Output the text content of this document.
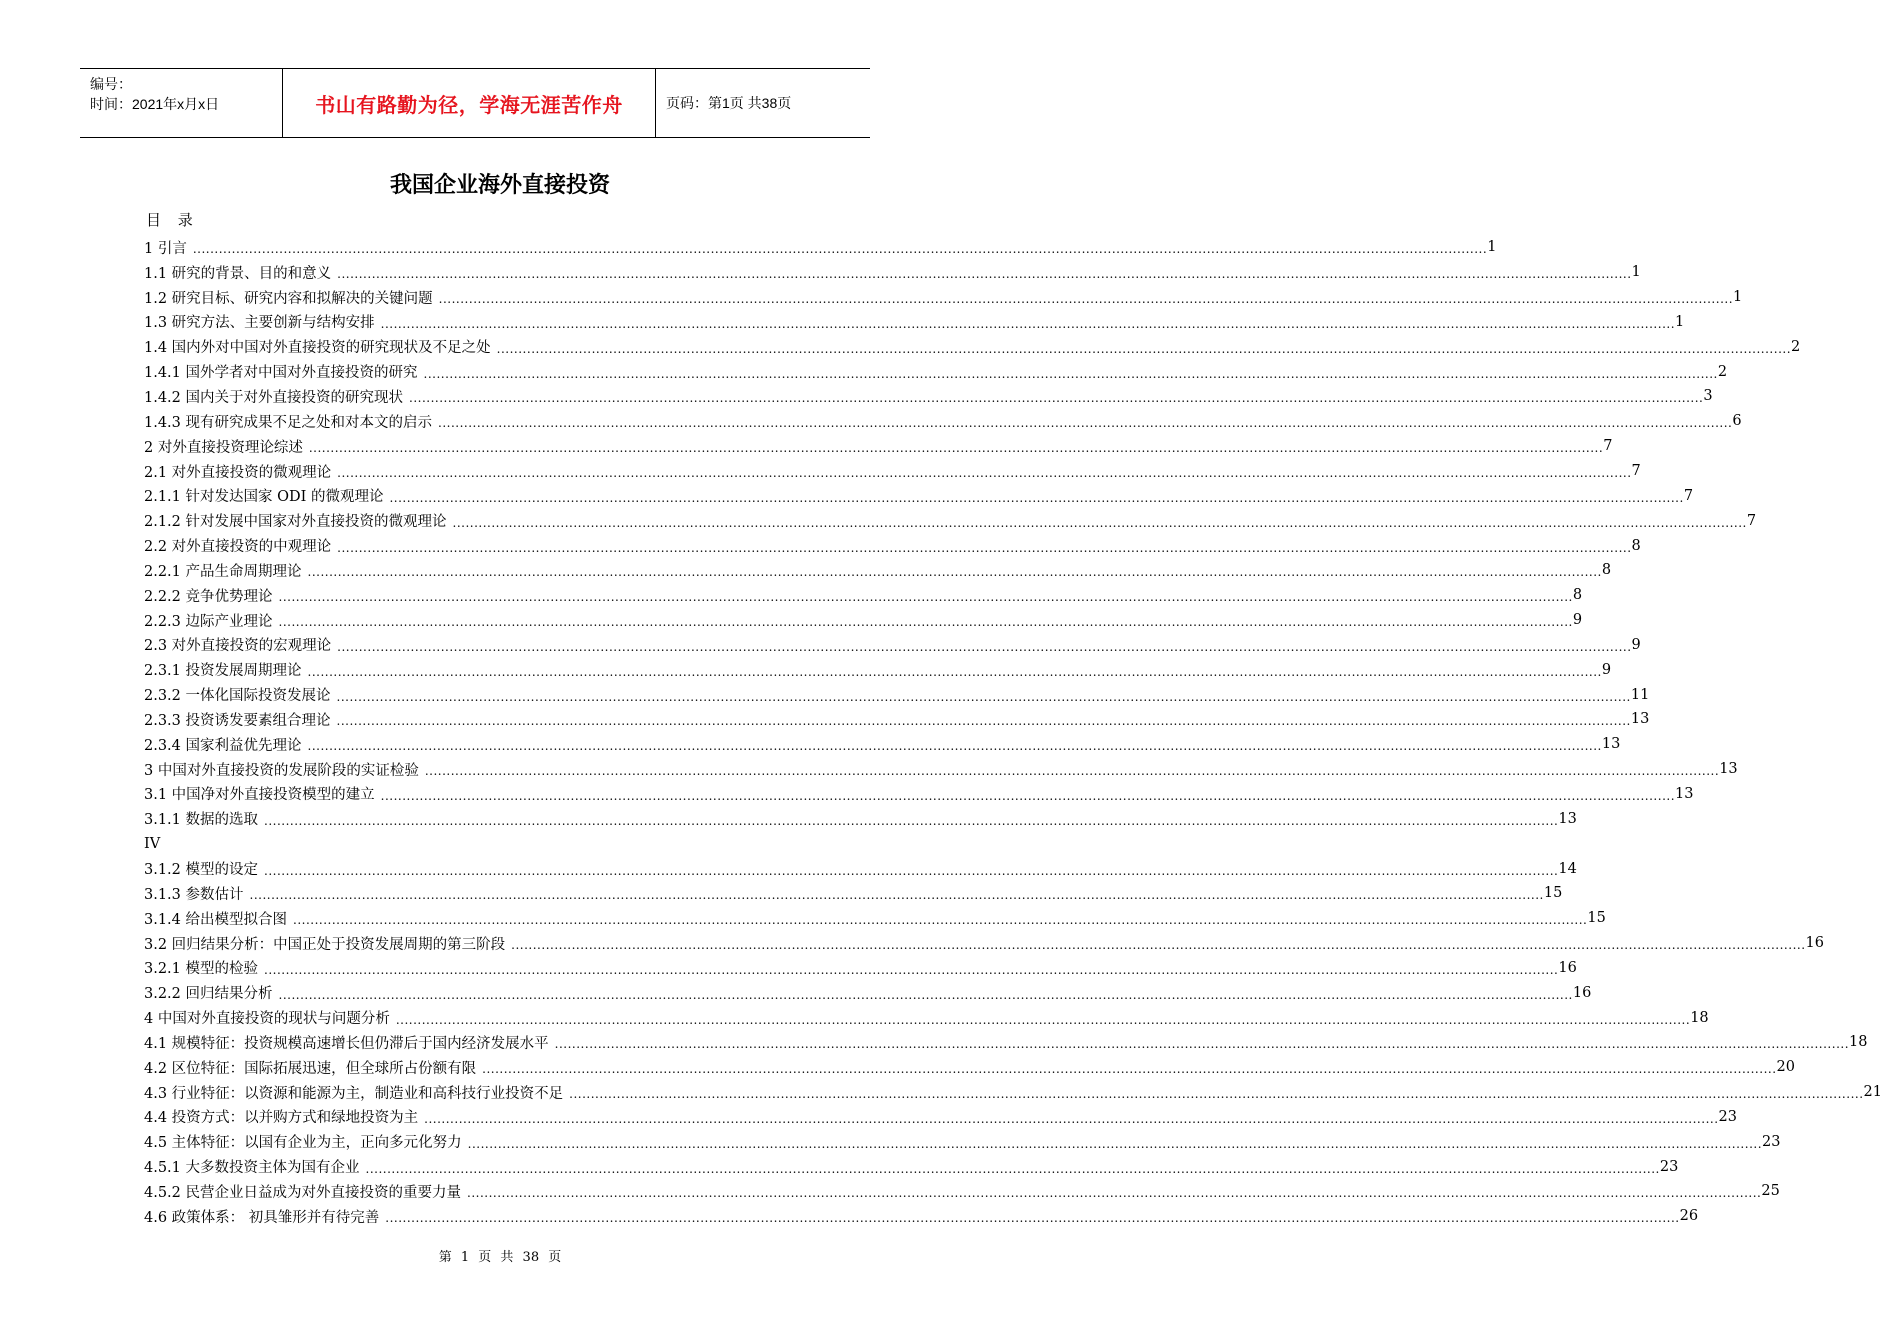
编号：
时间：2021年x月x日	书山有路勤为径，学海无涯苦作舟	页码：第1页 共38页
我国企业海外直接投资
目 录
1 引言 ............................................................................................................................................................................................................................................................................................................ 1
1.1 研究的背景、目的和意义 ............................................................................................................................................................................................................................................................................................................ 1
1.2 研究目标、研究内容和拟解决的关键问题 ............................................................................................................................................................................................................................................................................................................ 1
1.3 研究方法、主要创新与结构安排 ............................................................................................................................................................................................................................................................................................................ 1
1.4 国内外对中国对外直接投资的研究现状及不足之处 ............................................................................................................................................................................................................................................................................................................ 2
1.4.1 国外学者对中国对外直接投资的研究 ............................................................................................................................................................................................................................................................................................................ 2
1.4.2 国内关于对外直接投资的研究现状 ............................................................................................................................................................................................................................................................................................................ 3
1.4.3 现有研究成果不足之处和对本文的启示 ............................................................................................................................................................................................................................................................................................................ 6
2 对外直接投资理论综述 ............................................................................................................................................................................................................................................................................................................ 7
2.1 对外直接投资的微观理论 ............................................................................................................................................................................................................................................................................................................ 7
2.1.1 针对发达国家 ODI 的微观理论 ............................................................................................................................................................................................................................................................................................................ 7
2.1.2 针对发展中国家对外直接投资的微观理论 ............................................................................................................................................................................................................................................................................................................ 7
2.2 对外直接投资的中观理论 ............................................................................................................................................................................................................................................................................................................ 8
2.2.1 产品生命周期理论 ............................................................................................................................................................................................................................................................................................................ 8
2.2.2 竞争优势理论 ............................................................................................................................................................................................................................................................................................................ 8
2.2.3 边际产业理论 ............................................................................................................................................................................................................................................................................................................ 9
2.3 对外直接投资的宏观理论 ............................................................................................................................................................................................................................................................................................................ 9
2.3.1 投资发展周期理论 ............................................................................................................................................................................................................................................................................................................ 9
2.3.2 一体化国际投资发展论 ............................................................................................................................................................................................................................................................................................................ 11
2.3.3 投资诱发要素组合理论 ............................................................................................................................................................................................................................................................................................................ 13
2.3.4 国家利益优先理论 ............................................................................................................................................................................................................................................................................................................ 13
3 中国对外直接投资的发展阶段的实证检验 ............................................................................................................................................................................................................................................................................................................ 13
3.1 中国净对外直接投资模型的建立 ............................................................................................................................................................................................................................................................................................................ 13
3.1.1 数据的选取 ............................................................................................................................................................................................................................................................................................................ 13
IV
3.1.2 模型的设定 ............................................................................................................................................................................................................................................................................................................ 14
3.1.3 参数估计 ............................................................................................................................................................................................................................................................................................................ 15
3.1.4 给出模型拟合图 ............................................................................................................................................................................................................................................................................................................ 15
3.2 回归结果分析：中国正处于投资发展周期的第三阶段 ............................................................................................................................................................................................................................................................................................................ 16
3.2.1 模型的检验 ............................................................................................................................................................................................................................................................................................................ 16
3.2.2 回归结果分析 ............................................................................................................................................................................................................................................................................................................ 16
4 中国对外直接投资的现状与问题分析 ............................................................................................................................................................................................................................................................................................................ 18
4.1 规模特征：投资规模高速增长但仍滞后于国内经济发展水平 ............................................................................................................................................................................................................................................................................................................ 18
4.2 区位特征：国际拓展迅速，但全球所占份额有限 ............................................................................................................................................................................................................................................................................................................ 20
4.3 行业特征：以资源和能源为主，制造业和高科技行业投资不足 ............................................................................................................................................................................................................................................................................................................ 21
4.4 投资方式：以并购方式和绿地投资为主 ............................................................................................................................................................................................................................................................................................................ 23
4.5 主体特征：以国有企业为主，正向多元化努力 ............................................................................................................................................................................................................................................................................................................ 23
4.5.1 大多数投资主体为国有企业 ............................................................................................................................................................................................................................................................................................................ 23
4.5.2 民营企业日益成为对外直接投资的重要力量 ............................................................................................................................................................................................................................................................................................................ 25
4.6 政策体系： 初具雏形并有待完善 ............................................................................................................................................................................................................................................................................................................ 26
第 1 页 共 38 页
